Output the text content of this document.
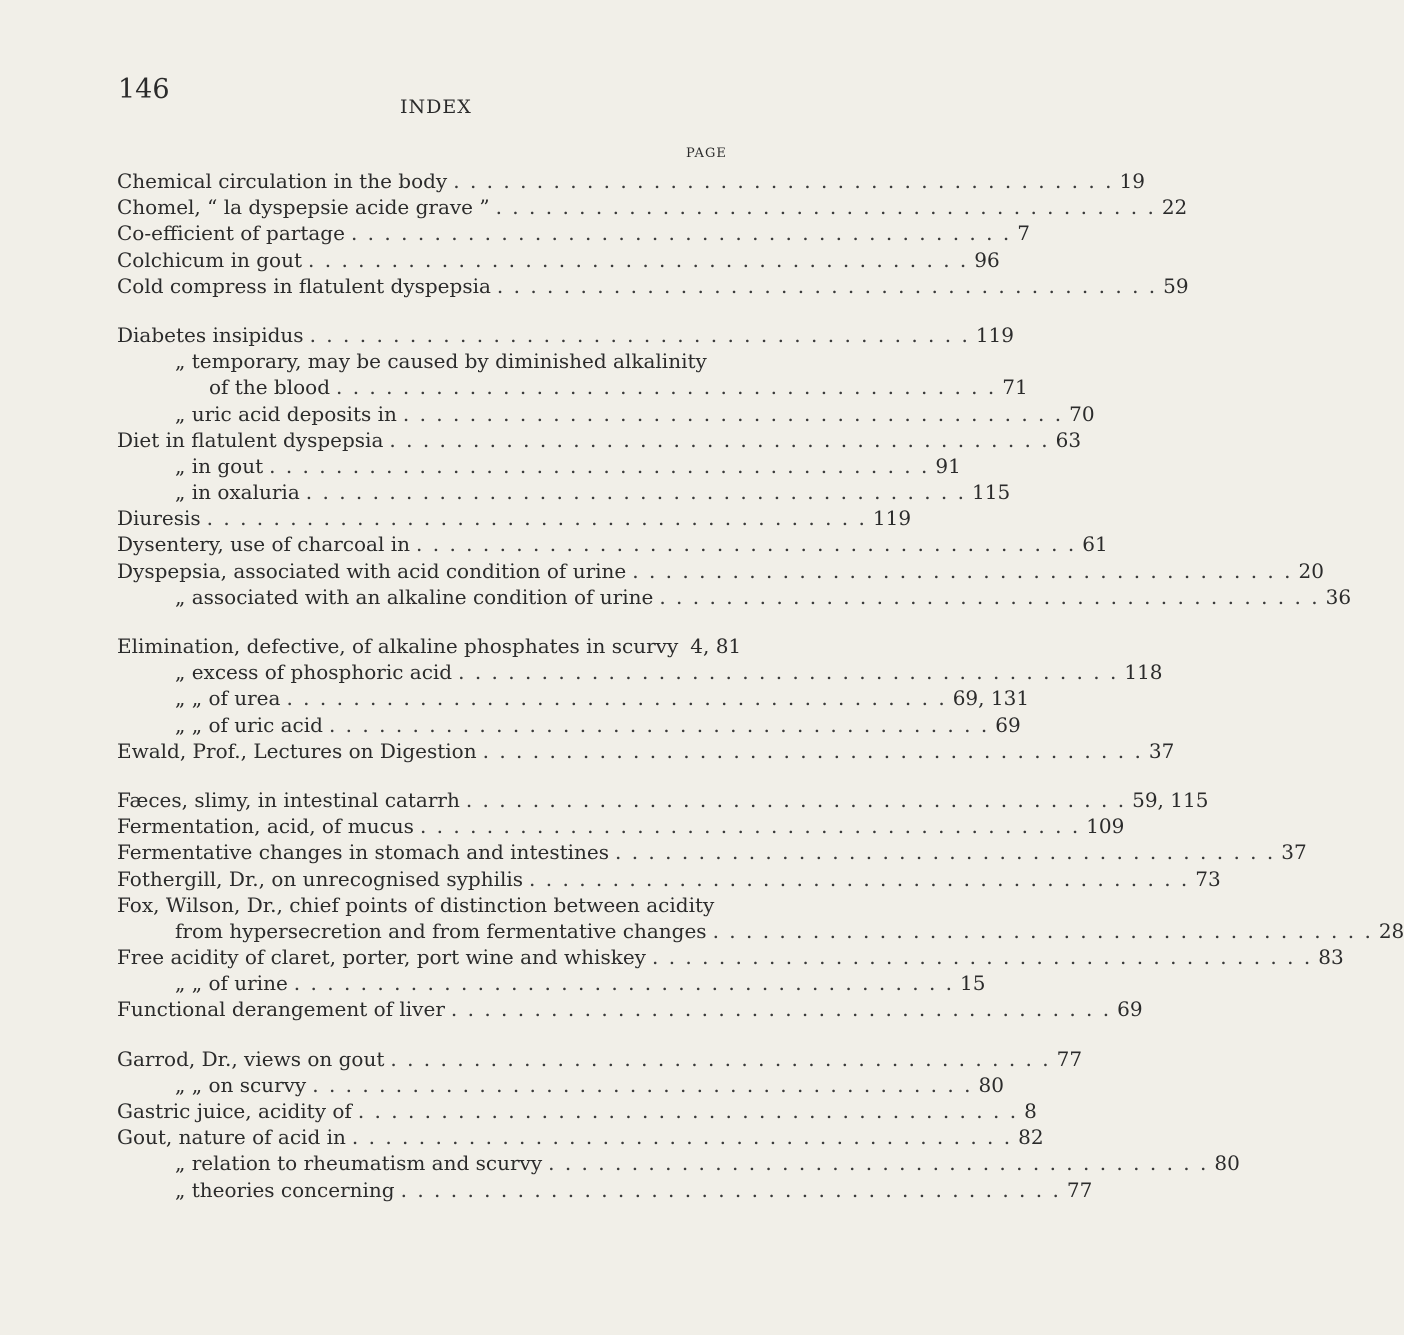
146
INDEX
PAGE
Chemical circulation in the body . . .	19
Chomel, “ la dyspepsie acide grave ” . . .	22
Co-efficient of partage . . .	7
Colchicum in gout . . .	96
Cold compress in flatulent dyspepsia . . .	59
Diabetes insipidus . . .	119
„ temporary, may be caused by diminished alkalinity
of the blood . . .	71
„ uric acid deposits in . . .	70
Diet in flatulent dyspepsia . . .	63
„ in gout . . .	91
„ in oxaluria . . .	115
Diuresis . . .	119
Dysentery, use of charcoal in . . .	61
Dyspepsia, associated with acid condition of urine . . .	20
„ associated with an alkaline condition of urine . . .	36
Elimination, defective, of alkaline phosphates in scurvy 4, 81
„ excess of phosphoric acid . . .	118
„ „ of urea . . .	69, 131
„ „ of uric acid . . .	69
Ewald, Prof., Lectures on Digestion . . .	37
Fæces, slimy, in intestinal catarrh . . .	59, 115
Fermentation, acid, of mucus . . .	109
Fermentative changes in stomach and intestines . . .	37
Fothergill, Dr., on unrecognised syphilis . . .	73
Fox, Wilson, Dr., chief points of distinction between acidity
from hypersecretion and from fermentative changes . . .	28
Free acidity of claret, porter, port wine and whiskey . . .	83
„ „ of urine . . .	15
Functional derangement of liver . . .	69
Garrod, Dr., views on gout . . .	77
„ „ on scurvy . . .	80
Gastric juice, acidity of . . .	8
Gout, nature of acid in . . .	82
„ relation to rheumatism and scurvy . . .	80
„ theories concerning . . .	77
